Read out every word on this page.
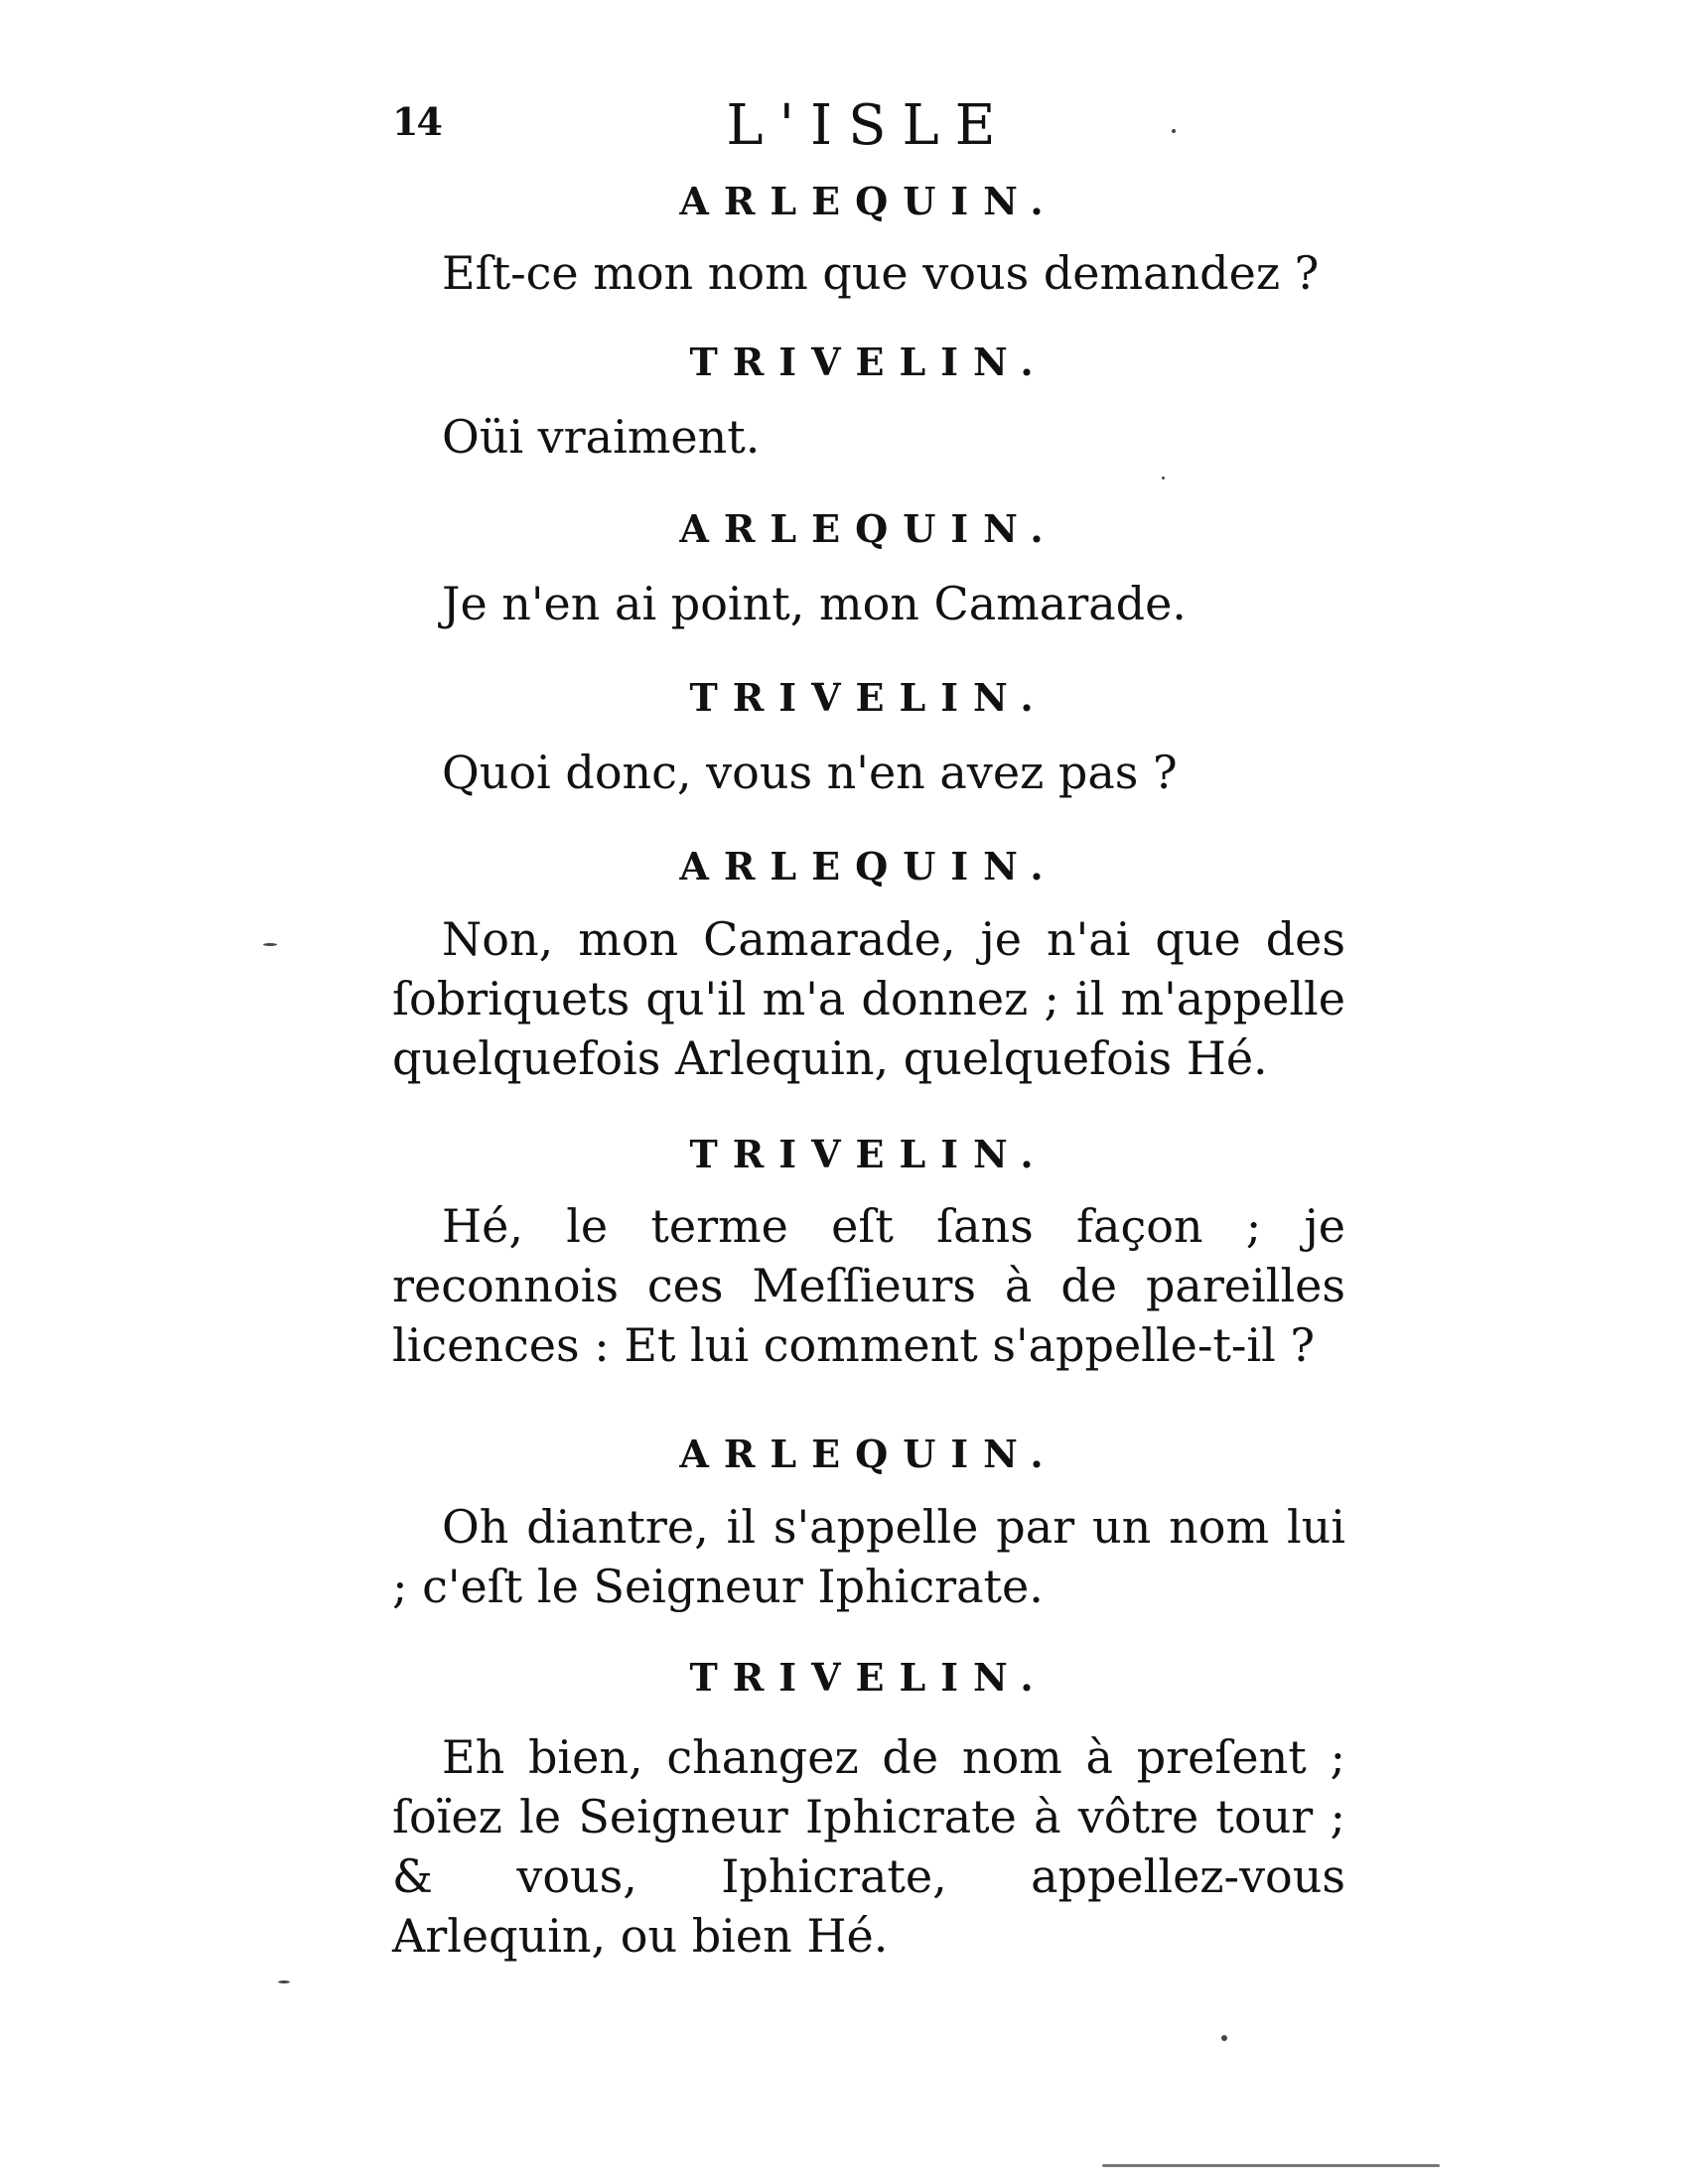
14	L'ISLE
ARLEQUIN.
Eſt-ce mon nom que vous demandez ?
TRIVELIN.
Oüi vraiment.
ARLEQUIN.
Je n'en ai point, mon Camarade.
TRIVELIN.
Quoi donc, vous n'en avez pas ?
ARLEQUIN.
Non, mon Camarade, je n'ai que des ſobriquets qu'il m'a donnez ; il m'appelle quelquefois Arlequin, quelquefois Hé.
TRIVELIN.
Hé, le terme eſt ſans façon ; je reconnois ces Meſſieurs à de pareilles licences : Et lui comment s'appelle-t-il ?
ARLEQUIN.
Oh diantre, il s'appelle par un nom lui ; c'eſt le Seigneur Iphicrate.
TRIVELIN.
Eh bien, changez de nom à preſent ; ſoïez le Seigneur Iphicrate à vôtre tour ; & vous, Iphicrate, appellez-vous Arlequin, ou bien Hé.
